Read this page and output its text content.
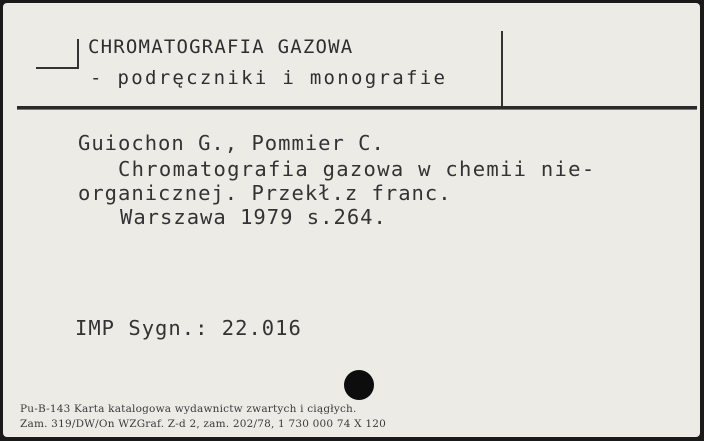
CHROMATOGRAFIA GAZOWA

- podręczniki i monografie

Guiochon G., Pommier C.

Chromatografia gazowa w chemii nie-

organicznej. Przekł.z franc.

Warszawa 1979 s.264.

IMP Sygn.: 22.016

Pu-B-143 Karta katalogowa wydawnictw zwartych i ciągłych.

Zam. 319/DW/On WZGraf. Z-d 2, zam. 202/78, 1 730 000 74 X 120
